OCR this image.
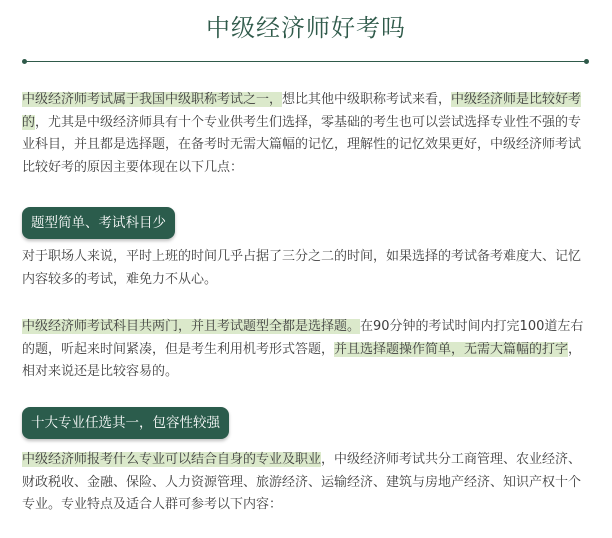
中级经济师好考吗

中级经济师考试属于我国中级职称考试之一，想比其他中级职称考试来看，中级经济师是比较好考的，尤其是中级经济师具有十个专业供考生们选择，零基础的考生也可以尝试选择专业性不强的专业科目，并且都是选择题，在备考时无需大篇幅的记忆，理解性的记忆效果更好，中级经济师考试比较好考的原因主要体现在以下几点：

题型简单、考试科目少

对于职场人来说，平时上班的时间几乎占据了三分之二的时间，如果选择的考试备考难度大、记忆内容较多的考试，难免力不从心。

中级经济师考试科目共两门，并且考试题型全都是选择题。在90分钟的考试时间内打完100道左右的题，听起来时间紧凑，但是考生利用机考形式答题，并且选择题操作简单，无需大篇幅的打字，相对来说还是比较容易的。

十大专业任选其一，包容性较强

中级经济师报考什么专业可以结合自身的专业及职业，中级经济师考试共分工商管理、农业经济、财政税收、金融、保险、人力资源管理、旅游经济、运输经济、建筑与房地产经济、知识产权十个专业。专业特点及适合人群可参考以下内容：
